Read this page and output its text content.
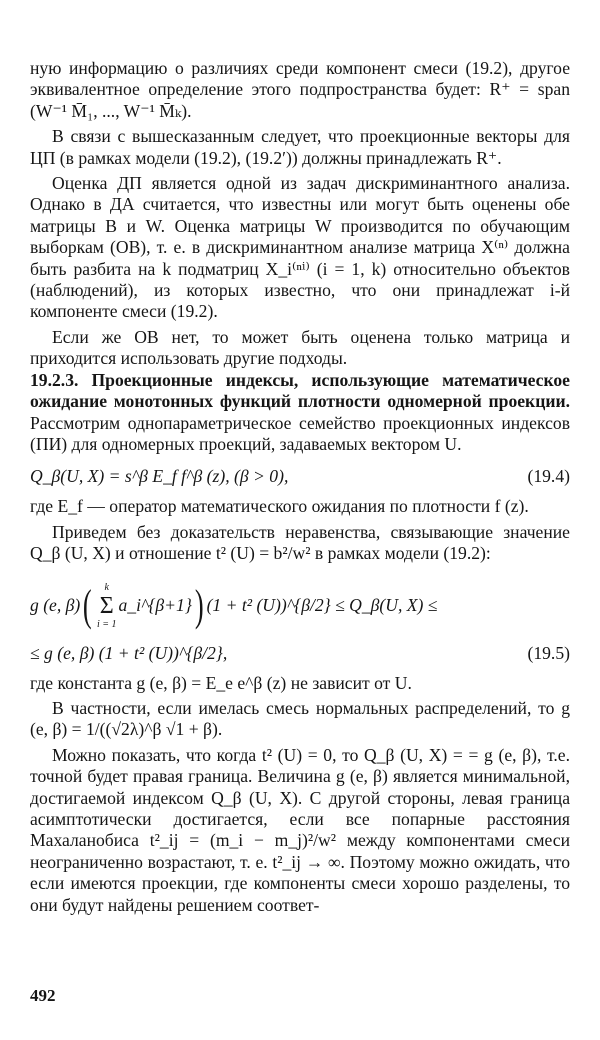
ную информацию о различиях среди компонент смеси (19.2), другое эквивалентное определение этого подпространства будет: R⁺ = span (W⁻¹ M̄₁, ..., W⁻¹ M̄ₖ).

В связи с вышесказанным следует, что проекционные векторы для ЦП (в рамках модели (19.2), (19.2′)) должны принадлежать R⁺.

Оценка ДП является одной из задач дискриминантного анализа. Однако в ДА считается, что известны или могут быть оценены обе матрицы B и W. Оценка матрицы W производится по обучающим выборкам (ОВ), т. е. в дискриминантном анализе матрица X⁽ⁿ⁾ должна быть разбита на k подматриц X_i⁽ⁿⁱ⁾ (i = 1, k) относительно объектов (наблюдений), из которых известно, что они принадлежат i-й компоненте смеси (19.2).

Если же ОВ нет, то может быть оценена только матрица и приходится использовать другие подходы.

19.2.3. Проекционные индексы, использующие математическое ожидание монотонных функций плотности одномерной проекции. Рассмотрим однопараметрическое семейство проекционных индексов (ПИ) для одномерных проекций, задаваемых вектором U.

Q_β(U, X) = s^β E_f f^β (z), (β > 0),	(19.4)

где E_f — оператор математического ожидания по плотности f (z).

Приведем без доказательств неравенства, связывающие значение Q_β (U, X) и отношение t² (U) = b²/w² в рамках модели (19.2):

g (e, β) ( k
Σ
i = 1
a_i^{β+1} ) (1 + t² (U))^{β/2} ≤ Q_β(U, X) ≤
≤ g (e, β) (1 + t² (U))^{β/2},	(19.5)

где константа g (e, β) = E_e e^β (z) не зависит от U.

В частности, если имелась смесь нормальных распределений, то g (e, β) = 1/((√2λ)^β √1 + β).

Можно показать, что когда t² (U) = 0, то Q_β (U, X) = = g (e, β), т.е. точной будет правая граница. Величина g (e, β) является минимальной, достигаемой индексом Q_β (U, X). С другой стороны, левая граница асимптотически достигается, если все попарные расстояния Махаланобиса t²_ij = (m_i − m_j)²/w² между компонентами смеси неограниченно возрастают, т. е. t²_ij → ∞. Поэтому можно ожидать, что если имеются проекции, где компоненты смеси хорошо разделены, то они будут найдены решением соответ-

492
